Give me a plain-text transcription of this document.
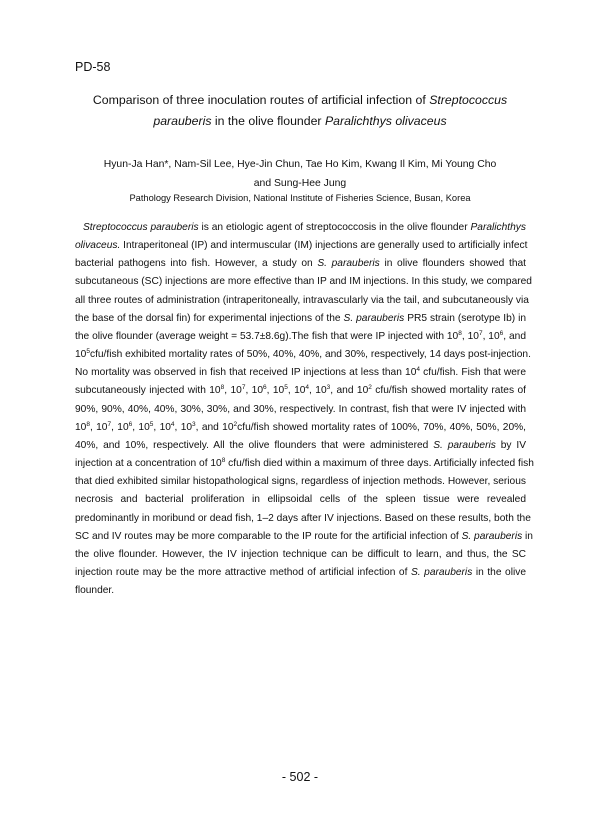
PD-58
Comparison of three inoculation routes of artificial infection of Streptococcus
parauberis in the olive flounder Paralichthys olivaceus
Hyun-Ja Han*, Nam-Sil Lee, Hye-Jin Chun, Tae Ho Kim, Kwang Il Kim, Mi Young Cho
and Sung-Hee Jung
Pathology Research Division, National Institute of Fisheries Science, Busan, Korea
Streptococcus parauberis is an etiologic agent of streptococcosis in the olive flounder Paralichthys
olivaceus. Intraperitoneal (IP) and intermuscular (IM) injections are generally used to artificially infect
bacterial pathogens into fish. However, a study on S. parauberis in olive flounders showed that
subcutaneous (SC) injections are more effective than IP and IM injections. In this study, we compared
all three routes of administration (intraperitoneally, intravascularly via the tail, and subcutaneously via
the base of the dorsal fin) for experimental injections of the S. parauberis PR5 strain (serotype Ib) in
the olive flounder (average weight = 53.7±8.6g).The fish that were IP injected with $10^8$, $10^7$, $10^6$, and
$10^5cfu$/fish exhibited mortality rates of 50%, 40%, 40%, and 30%, respectively, 14 days post-injection.
No mortality was observed in fish that received IP injections at less than $10^4$ cfu/fish. Fish that were
subcutaneously injected with $10^8$, $10^7$, $10^6$, $10^5$, $10^4$, $10^3$, and $10^2$ cfu/fish showed mortality rates of
90%, 90%, 40%, 40%, 30%, 30%, and 30%, respectively. In contrast, fish that were IV injected with
$10^8$, $10^7$, $10^6$, $10^5$, $10^4$, $10^3$, and $10^2cfu$/fish showed mortality rates of 100%, 70%, 40%, 50%, 20%,
40%, and 10%, respectively. All the olive flounders that were administered S. parauberis by IV
injection at a concentration of $10^8$ cfu/fish died within a maximum of three days. Artificially infected fish
that died exhibited similar histopathological signs, regardless of injection methods. However, serious
necrosis and bacterial proliferation in ellipsoidal cells of the spleen tissue were revealed
predominantly in moribund or dead fish, 1–2 days after IV injections. Based on these results, both the
SC and IV routes may be more comparable to the IP route for the artificial infection of S. parauberis in
the olive flounder. However, the IV injection technique can be difficult to learn, and thus, the SC
injection route may be the more attractive method of artificial infection of S. parauberis in the olive
flounder.
- 502 -
